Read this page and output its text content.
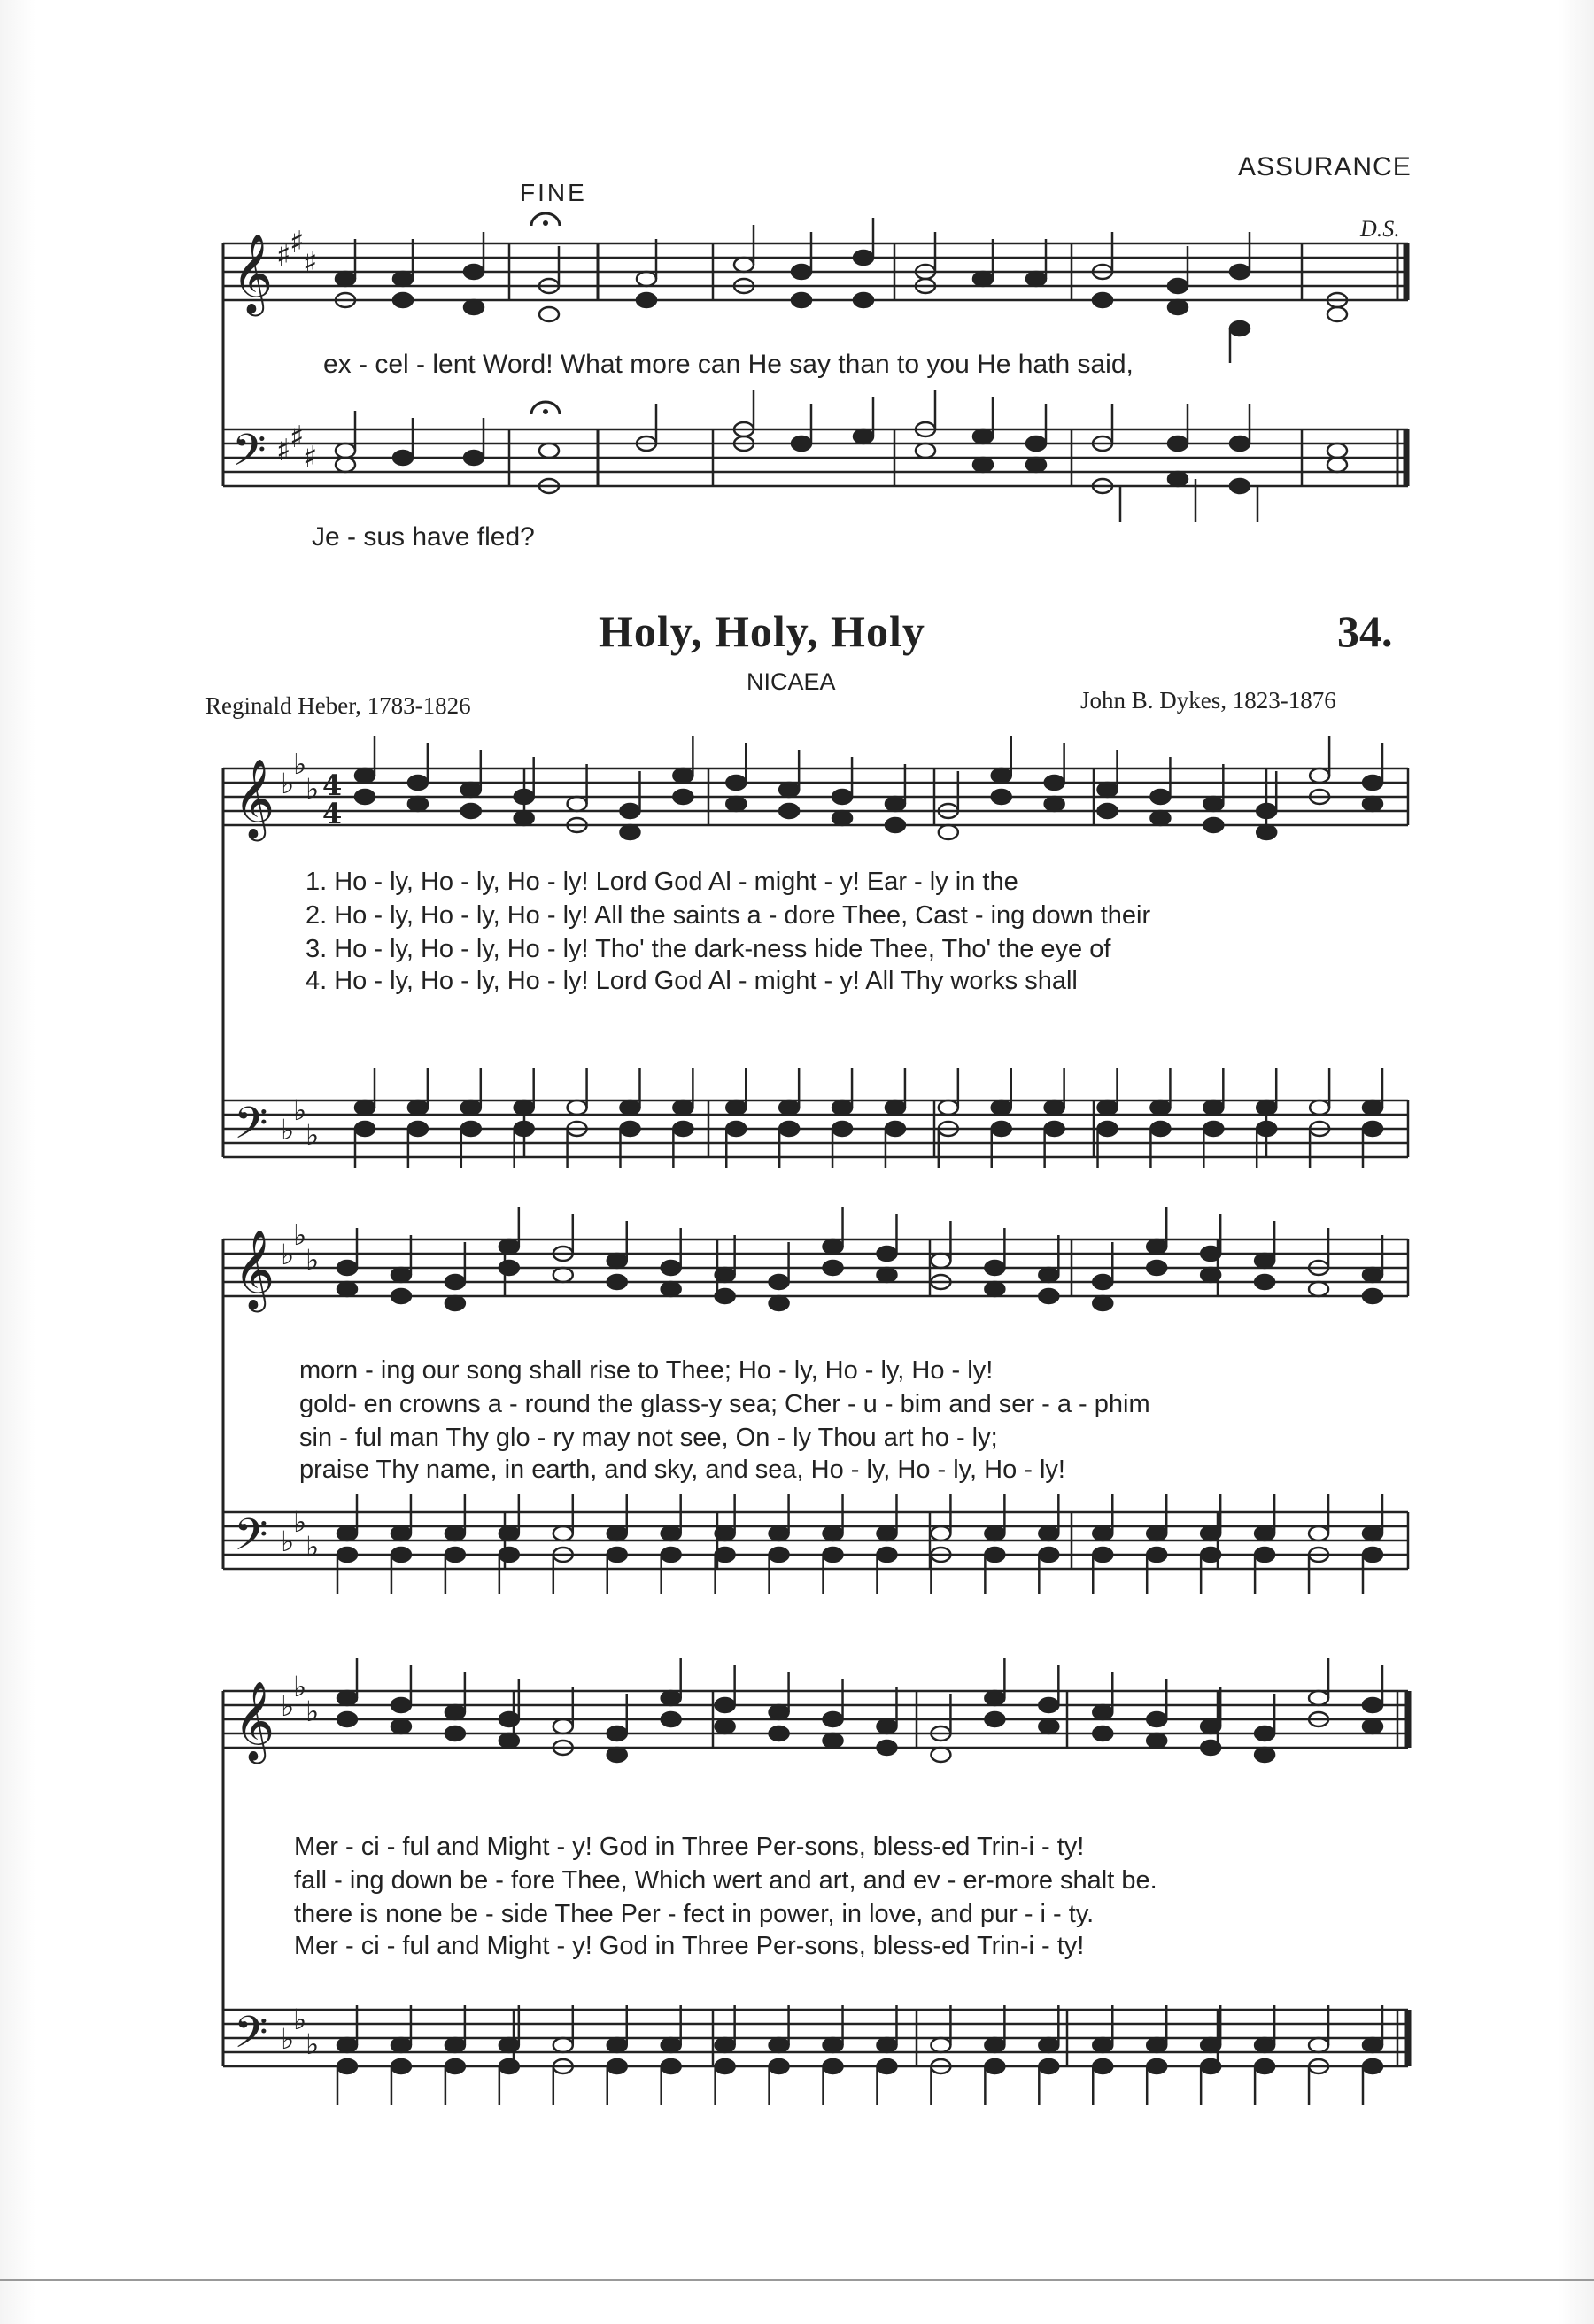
ASSURANCE
FINE
D.S.
𝄞
𝄢
♯
♯
♯
♯
♯
♯
ex - cel - lent Word! What more can He say than to you He hath said,
Je - sus have fled?
Holy, Holy, Holy	34.
NICAEA
Reginald Heber, 1783-1826	John B. Dykes, 1823-1876
𝄞 ♭
♭
♭ 4
4
𝄢 ♭
♭
♭
𝄞 ♭
♭
♭
𝄢 ♭
♭
♭
𝄞 ♭
♭
♭
𝄢 ♭
♭
♭
1. Ho - ly, Ho - ly, Ho - ly! Lord God Al - might - y! Ear - ly in the
2. Ho - ly, Ho - ly, Ho - ly! All the saints a - dore Thee, Cast - ing down their
3. Ho - ly, Ho - ly, Ho - ly! Tho' the dark-ness hide Thee, Tho' the eye of
4. Ho - ly, Ho - ly, Ho - ly! Lord God Al - might - y! All Thy works shall
morn - ing our song shall rise to Thee; Ho - ly, Ho - ly, Ho - ly!
gold- en crowns a - round the glass-y sea; Cher - u - bim and ser - a - phim
sin - ful man Thy glo - ry may not see, On - ly Thou art ho - ly;
praise Thy name, in earth, and sky, and sea, Ho - ly, Ho - ly, Ho - ly!
Mer - ci - ful and Might - y! God in Three Per-sons, bless-ed Trin-i - ty!
fall - ing down be - fore Thee, Which wert and art, and ev - er-more shalt be.
there is none be - side Thee Per - fect in power, in love, and pur - i - ty.
Mer - ci - ful and Might - y! God in Three Per-sons, bless-ed Trin-i - ty!
